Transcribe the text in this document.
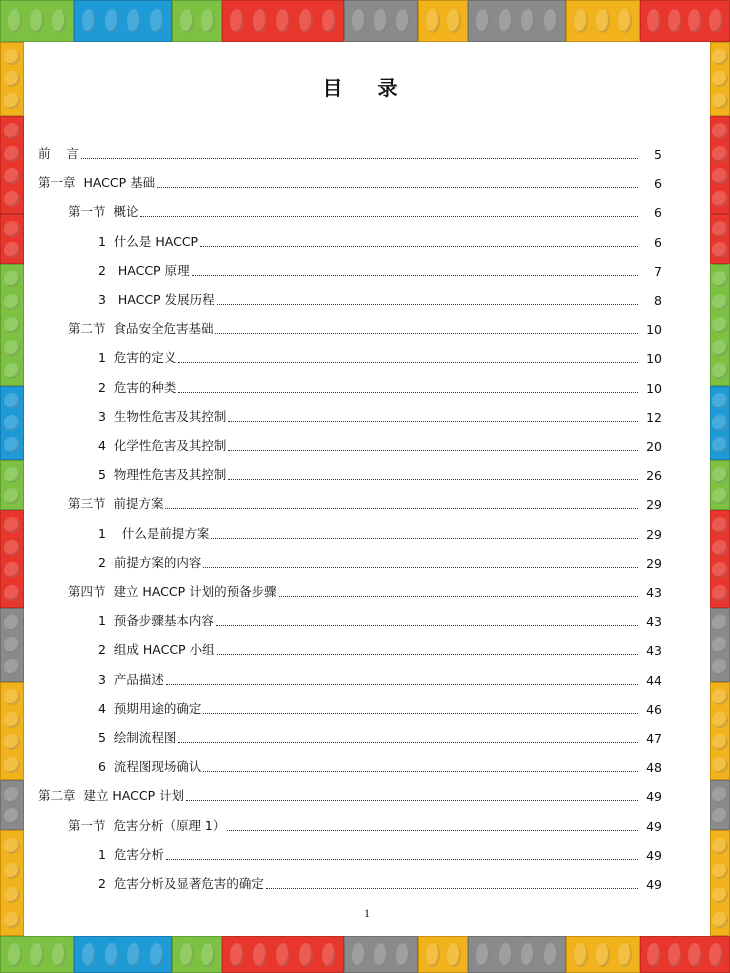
目 录
前    言	5
第一章  HACCP 基础	6
第一节  概论	6
1  什么是 HACCP	6
2   HACCP 原理	7
3   HACCP 发展历程	8
第二节  食品安全危害基础	10
1  危害的定义	10
2  危害的种类	10
3  生物性危害及其控制	12
4  化学性危害及其控制	20
5  物理性危害及其控制	26
第三节  前提方案	29
1    什么是前提方案	29
2  前提方案的内容	29
第四节  建立 HACCP 计划的预备步骤	43
1  预备步骤基本内容	43
2  组成 HACCP 小组	43
3  产品描述	44
4  预期用途的确定	46
5  绘制流程图	47
6  流程图现场确认	48
第二章  建立 HACCP 计划	49
第一节  危害分析（原理 1）	49
1  危害分析	49
2  危害分析及显著危害的确定	49
1
